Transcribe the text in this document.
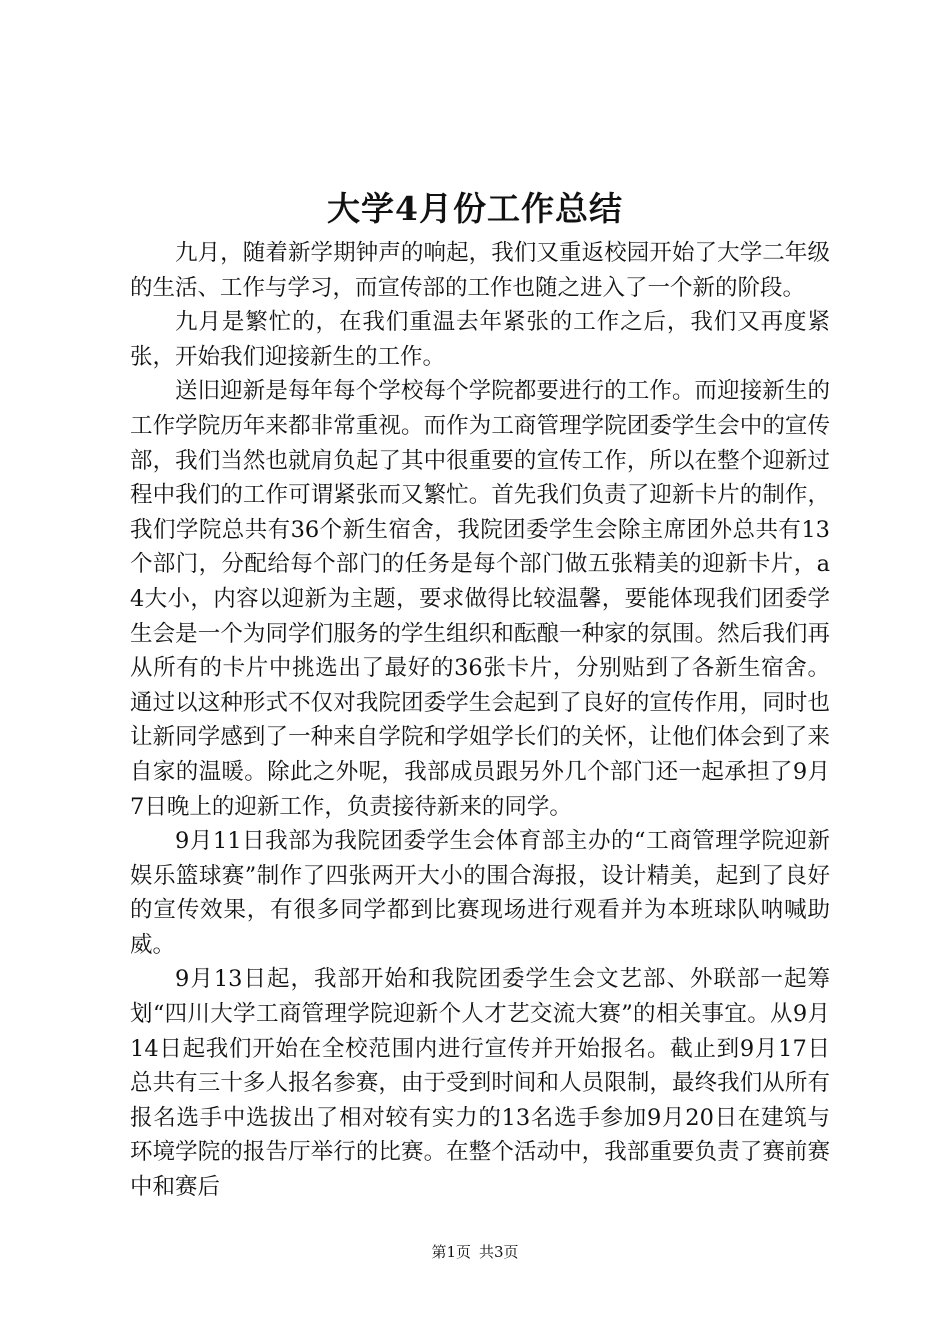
大学4月份工作总结

九月，随着新学期钟声的响起，我们又重返校园开始了大学二年级的生活、工作与学习，而宣传部的工作也随之进入了一个新的阶段。

九月是繁忙的，在我们重温去年紧张的工作之后，我们又再度紧张，开始我们迎接新生的工作。

送旧迎新是每年每个学校每个学院都要进行的工作。而迎接新生的工作学院历年来都非常重视。而作为工商管理学院团委学生会中的宣传部，我们当然也就肩负起了其中很重要的宣传工作，所以在整个迎新过程中我们的工作可谓紧张而又繁忙。首先我们负责了迎新卡片的制作，我们学院总共有36个新生宿舍，我院团委学生会除主席团外总共有13个部门，分配给每个部门的任务是每个部门做五张精美的迎新卡片，a4大小，内容以迎新为主题，要求做得比较温馨，要能体现我们团委学生会是一个为同学们服务的学生组织和酝酿一种家的氛围。然后我们再从所有的卡片中挑选出了最好的36张卡片，分别贴到了各新生宿舍。通过以这种形式不仅对我院团委学生会起到了良好的宣传作用，同时也让新同学感到了一种来自学院和学姐学长们的关怀，让他们体会到了来自家的温暖。除此之外呢，我部成员跟另外几个部门还一起承担了9月7日晚上的迎新工作，负责接待新来的同学。

9月11日我部为我院团委学生会体育部主办的“工商管理学院迎新娱乐篮球赛”制作了四张两开大小的围合海报，设计精美，起到了良好的宣传效果，有很多同学都到比赛现场进行观看并为本班球队呐喊助威。

9月13日起，我部开始和我院团委学生会文艺部、外联部一起筹划“四川大学工商管理学院迎新个人才艺交流大赛”的相关事宜。从9月14日起我们开始在全校范围内进行宣传并开始报名。截止到9月17日总共有三十多人报名参赛，由于受到时间和人员限制，最终我们从所有报名选手中选拔出了相对较有实力的13名选手参加9月20日在建筑与环境学院的报告厅举行的比赛。在整个活动中，我部重要负责了赛前赛中和赛后

第1页 共3页
